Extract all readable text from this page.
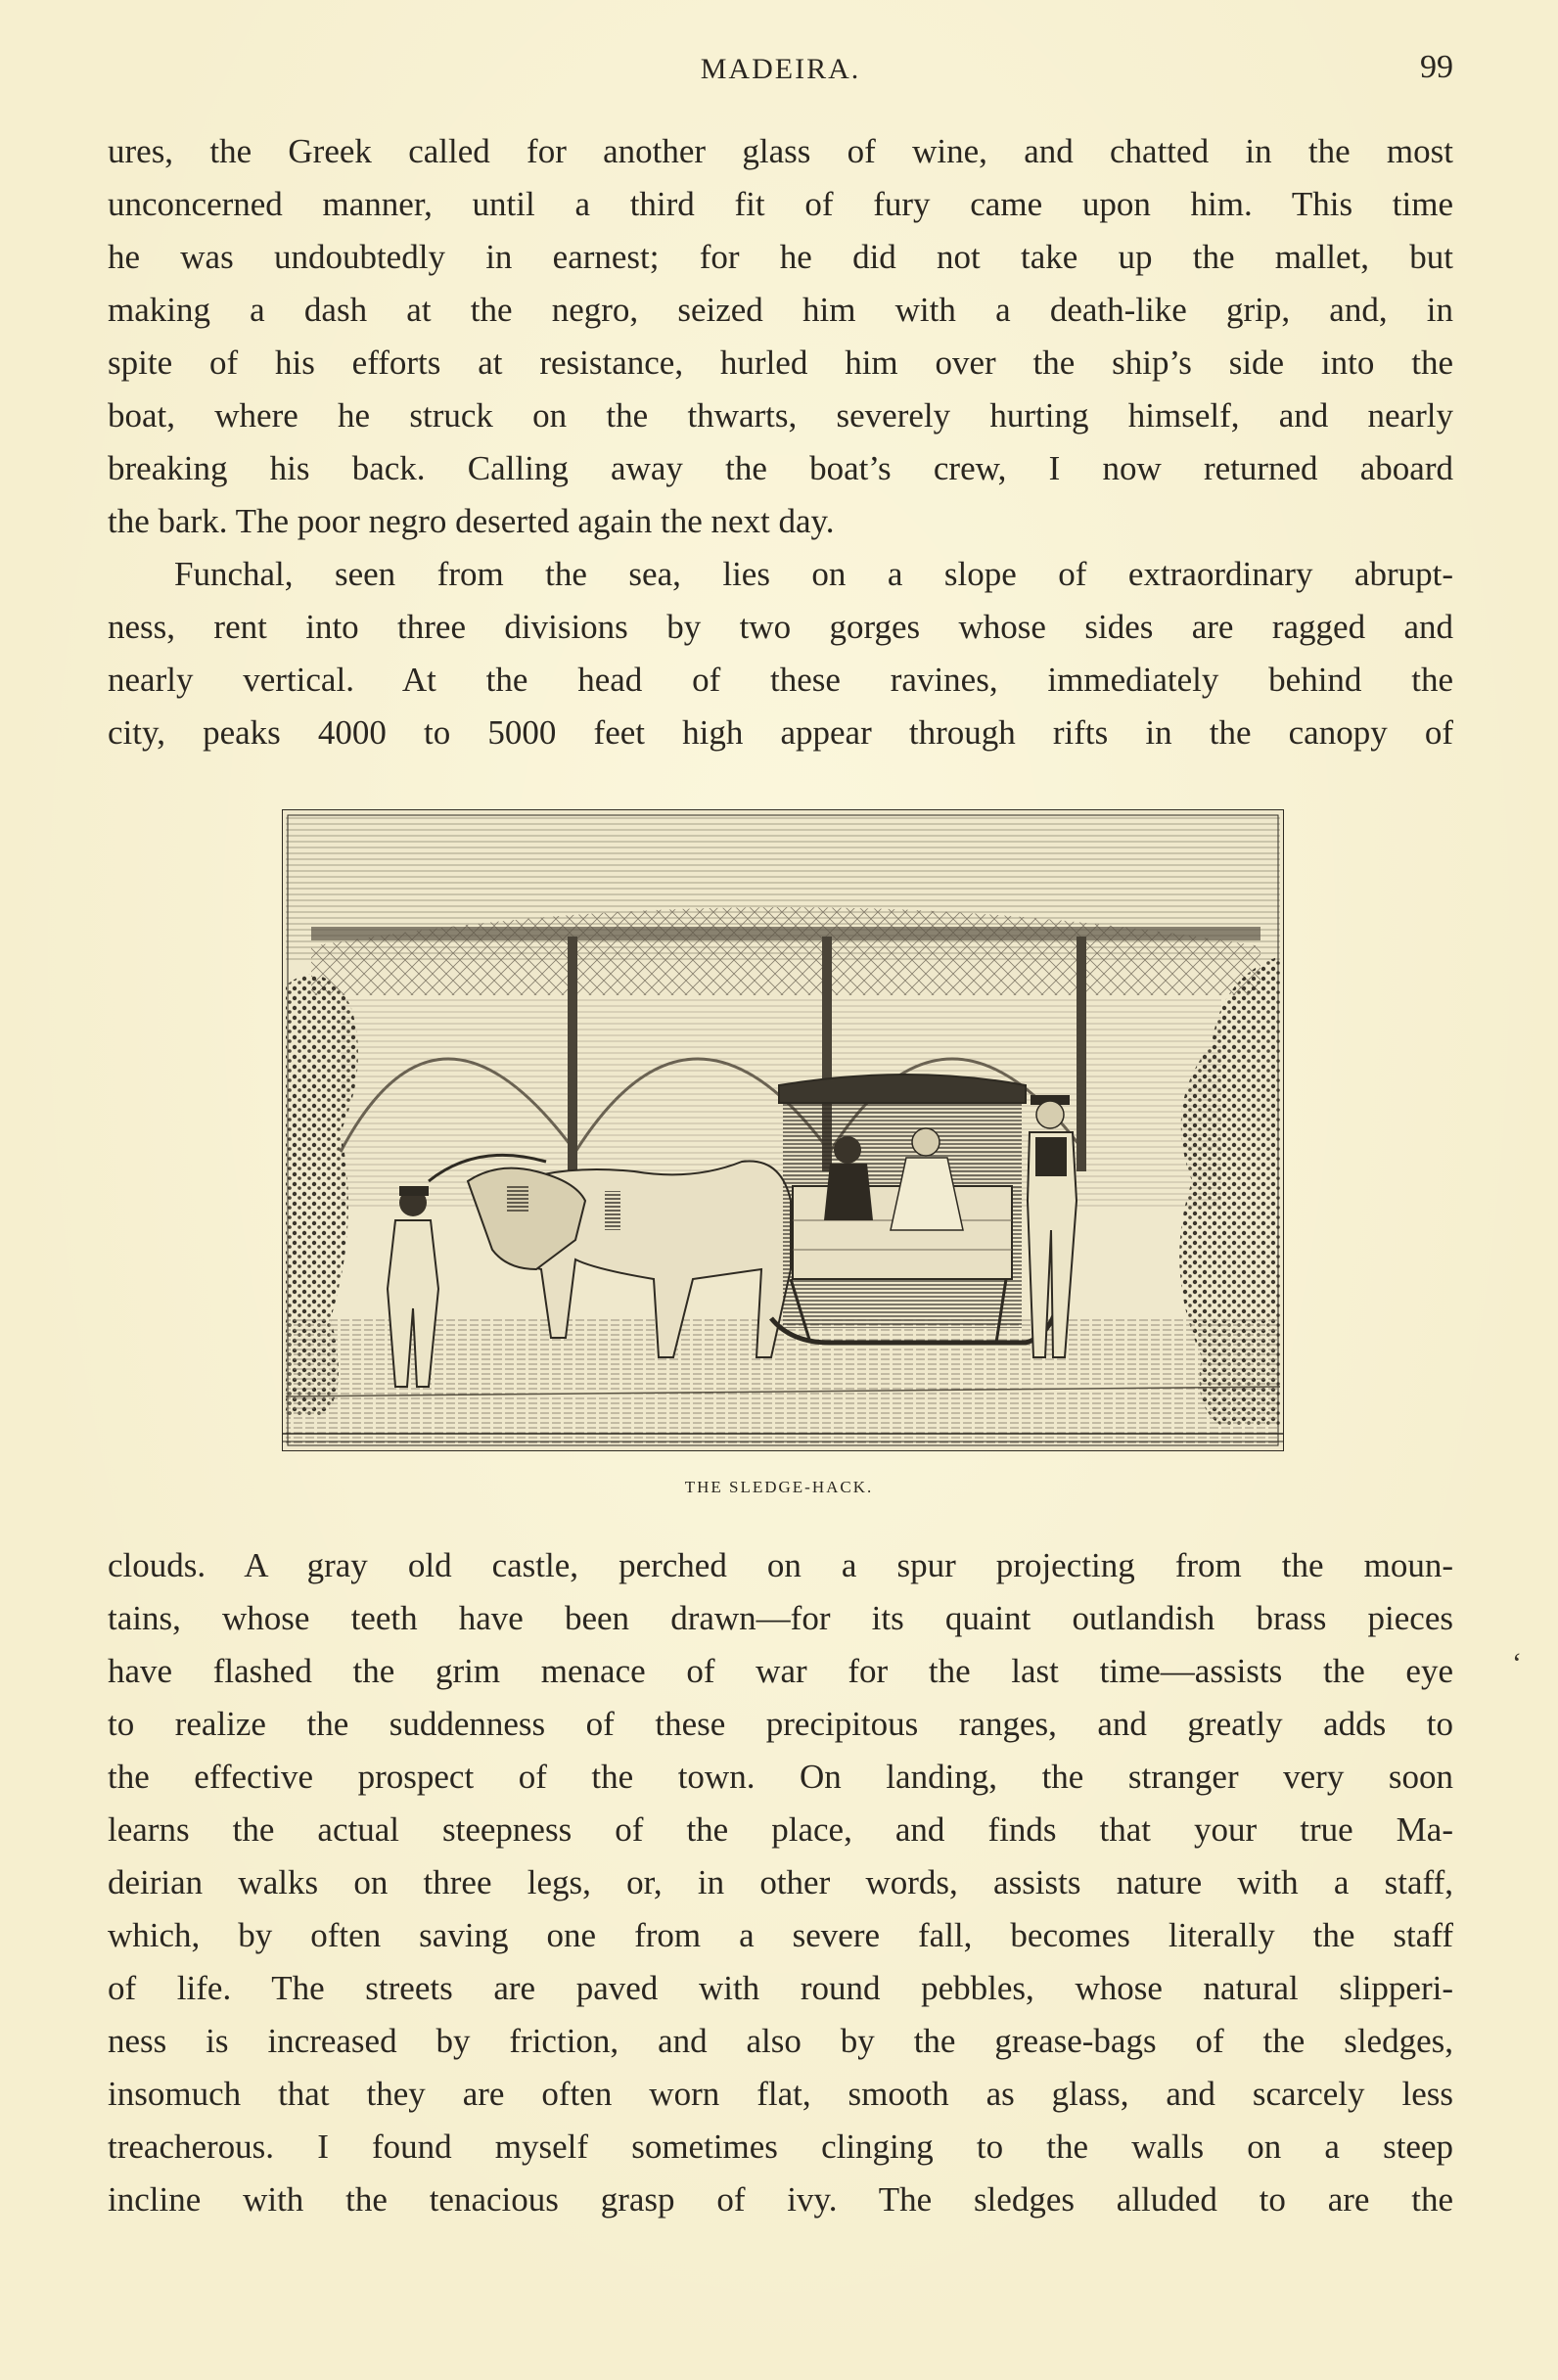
MADEIRA.	99
ures, the Greek called for another glass of wine, and chatted in the most
unconcerned manner, until a third fit of fury came upon him. This time
he was undoubtedly in earnest; for he did not take up the mallet, but
making a dash at the negro, seized him with a death-like grip, and, in
spite of his efforts at resistance, hurled him over the ship’s side into the
boat, where he struck on the thwarts, severely hurting himself, and nearly
breaking his back. Calling away the boat’s crew, I now returned aboard
the bark. The poor negro deserted again the next day.
Funchal, seen from the sea, lies on a slope of extraordinary abrupt-
ness, rent into three divisions by two gorges whose sides are ragged and
nearly vertical. At the head of these ravines, immediately behind the
city, peaks 4000 to 5000 feet high appear through rifts in the canopy of
THE SLEDGE-HACK.
clouds. A gray old castle, perched on a spur projecting from the moun-
tains, whose teeth have been drawn—for its quaint outlandish brass pieces
have flashed the grim menace of war for the last time—assists the eye
to realize the suddenness of these precipitous ranges, and greatly adds to
the effective prospect of the town. On landing, the stranger very soon
learns the actual steepness of the place, and finds that your true Ma-
deirian walks on three legs, or, in other words, assists nature with a staff,
which, by often saving one from a severe fall, becomes literally the staff
of life. The streets are paved with round pebbles, whose natural slipperi-
ness is increased by friction, and also by the grease-bags of the sledges,
insomuch that they are often worn flat, smooth as glass, and scarcely less
treacherous. I found myself sometimes clinging to the walls on a steep
incline with the tenacious grasp of ivy. The sledges alluded to are the
‘
